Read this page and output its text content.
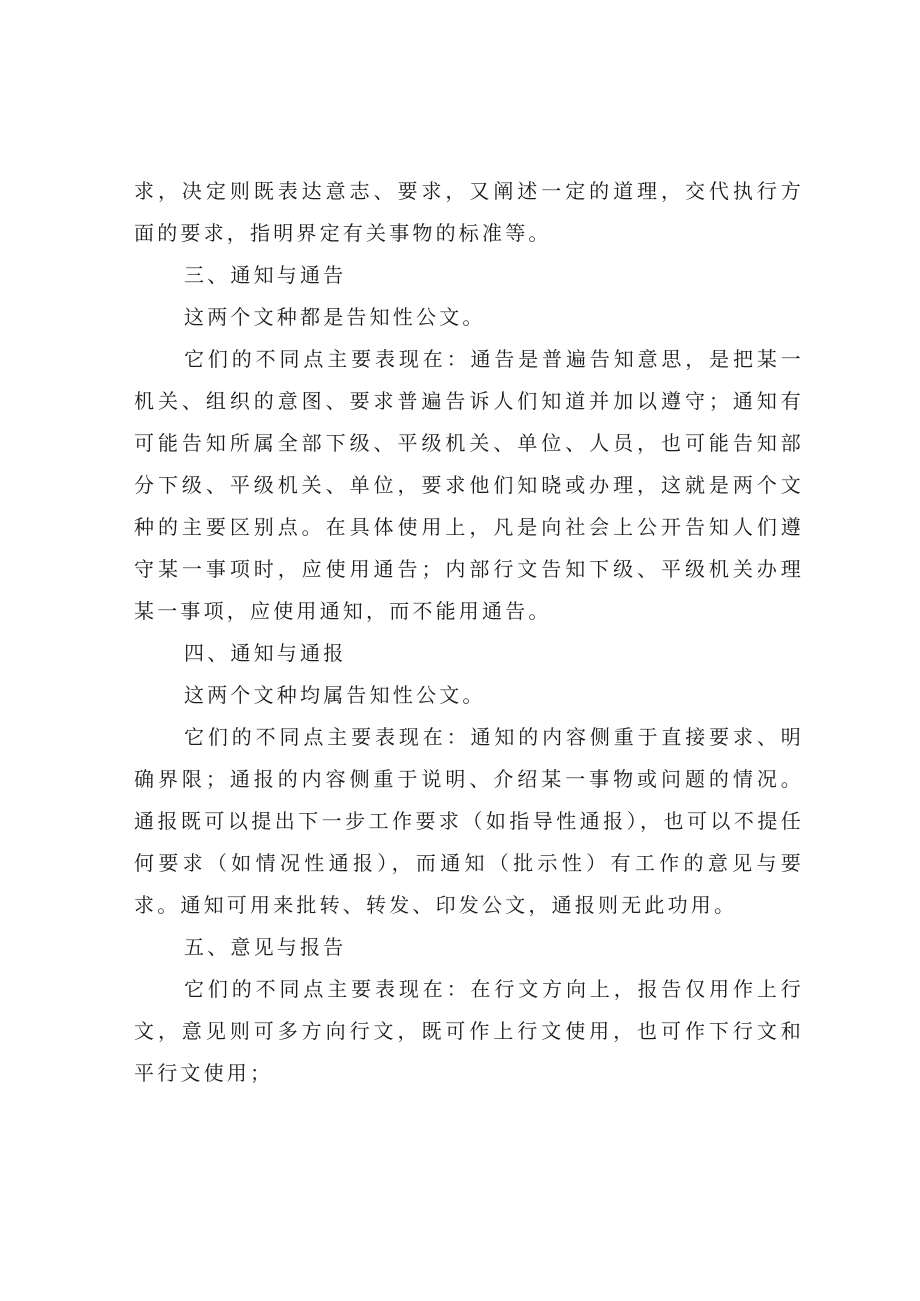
求，决定则既表达意志、要求，又阐述一定的道理，交代执行方面的要求，指明界定有关事物的标准等。

三、通知与通告

这两个文种都是告知性公文。

它们的不同点主要表现在：通告是普遍告知意思，是把某一机关、组织的意图、要求普遍告诉人们知道并加以遵守；通知有可能告知所属全部下级、平级机关、单位、人员，也可能告知部分下级、平级机关、单位，要求他们知晓或办理，这就是两个文种的主要区别点。在具体使用上，凡是向社会上公开告知人们遵守某一事项时，应使用通告；内部行文告知下级、平级机关办理某一事项，应使用通知，而不能用通告。

四、通知与通报

这两个文种均属告知性公文。

它们的不同点主要表现在：通知的内容侧重于直接要求、明确界限；通报的内容侧重于说明、介绍某一事物或问题的情况。通报既可以提出下一步工作要求（如指导性通报），也可以不提任何要求（如情况性通报），而通知（批示性）有工作的意见与要求。通知可用来批转、转发、印发公文，通报则无此功用。

五、意见与报告

它们的不同点主要表现在：在行文方向上，报告仅用作上行文，意见则可多方向行文，既可作上行文使用，也可作下行文和平行文使用；
